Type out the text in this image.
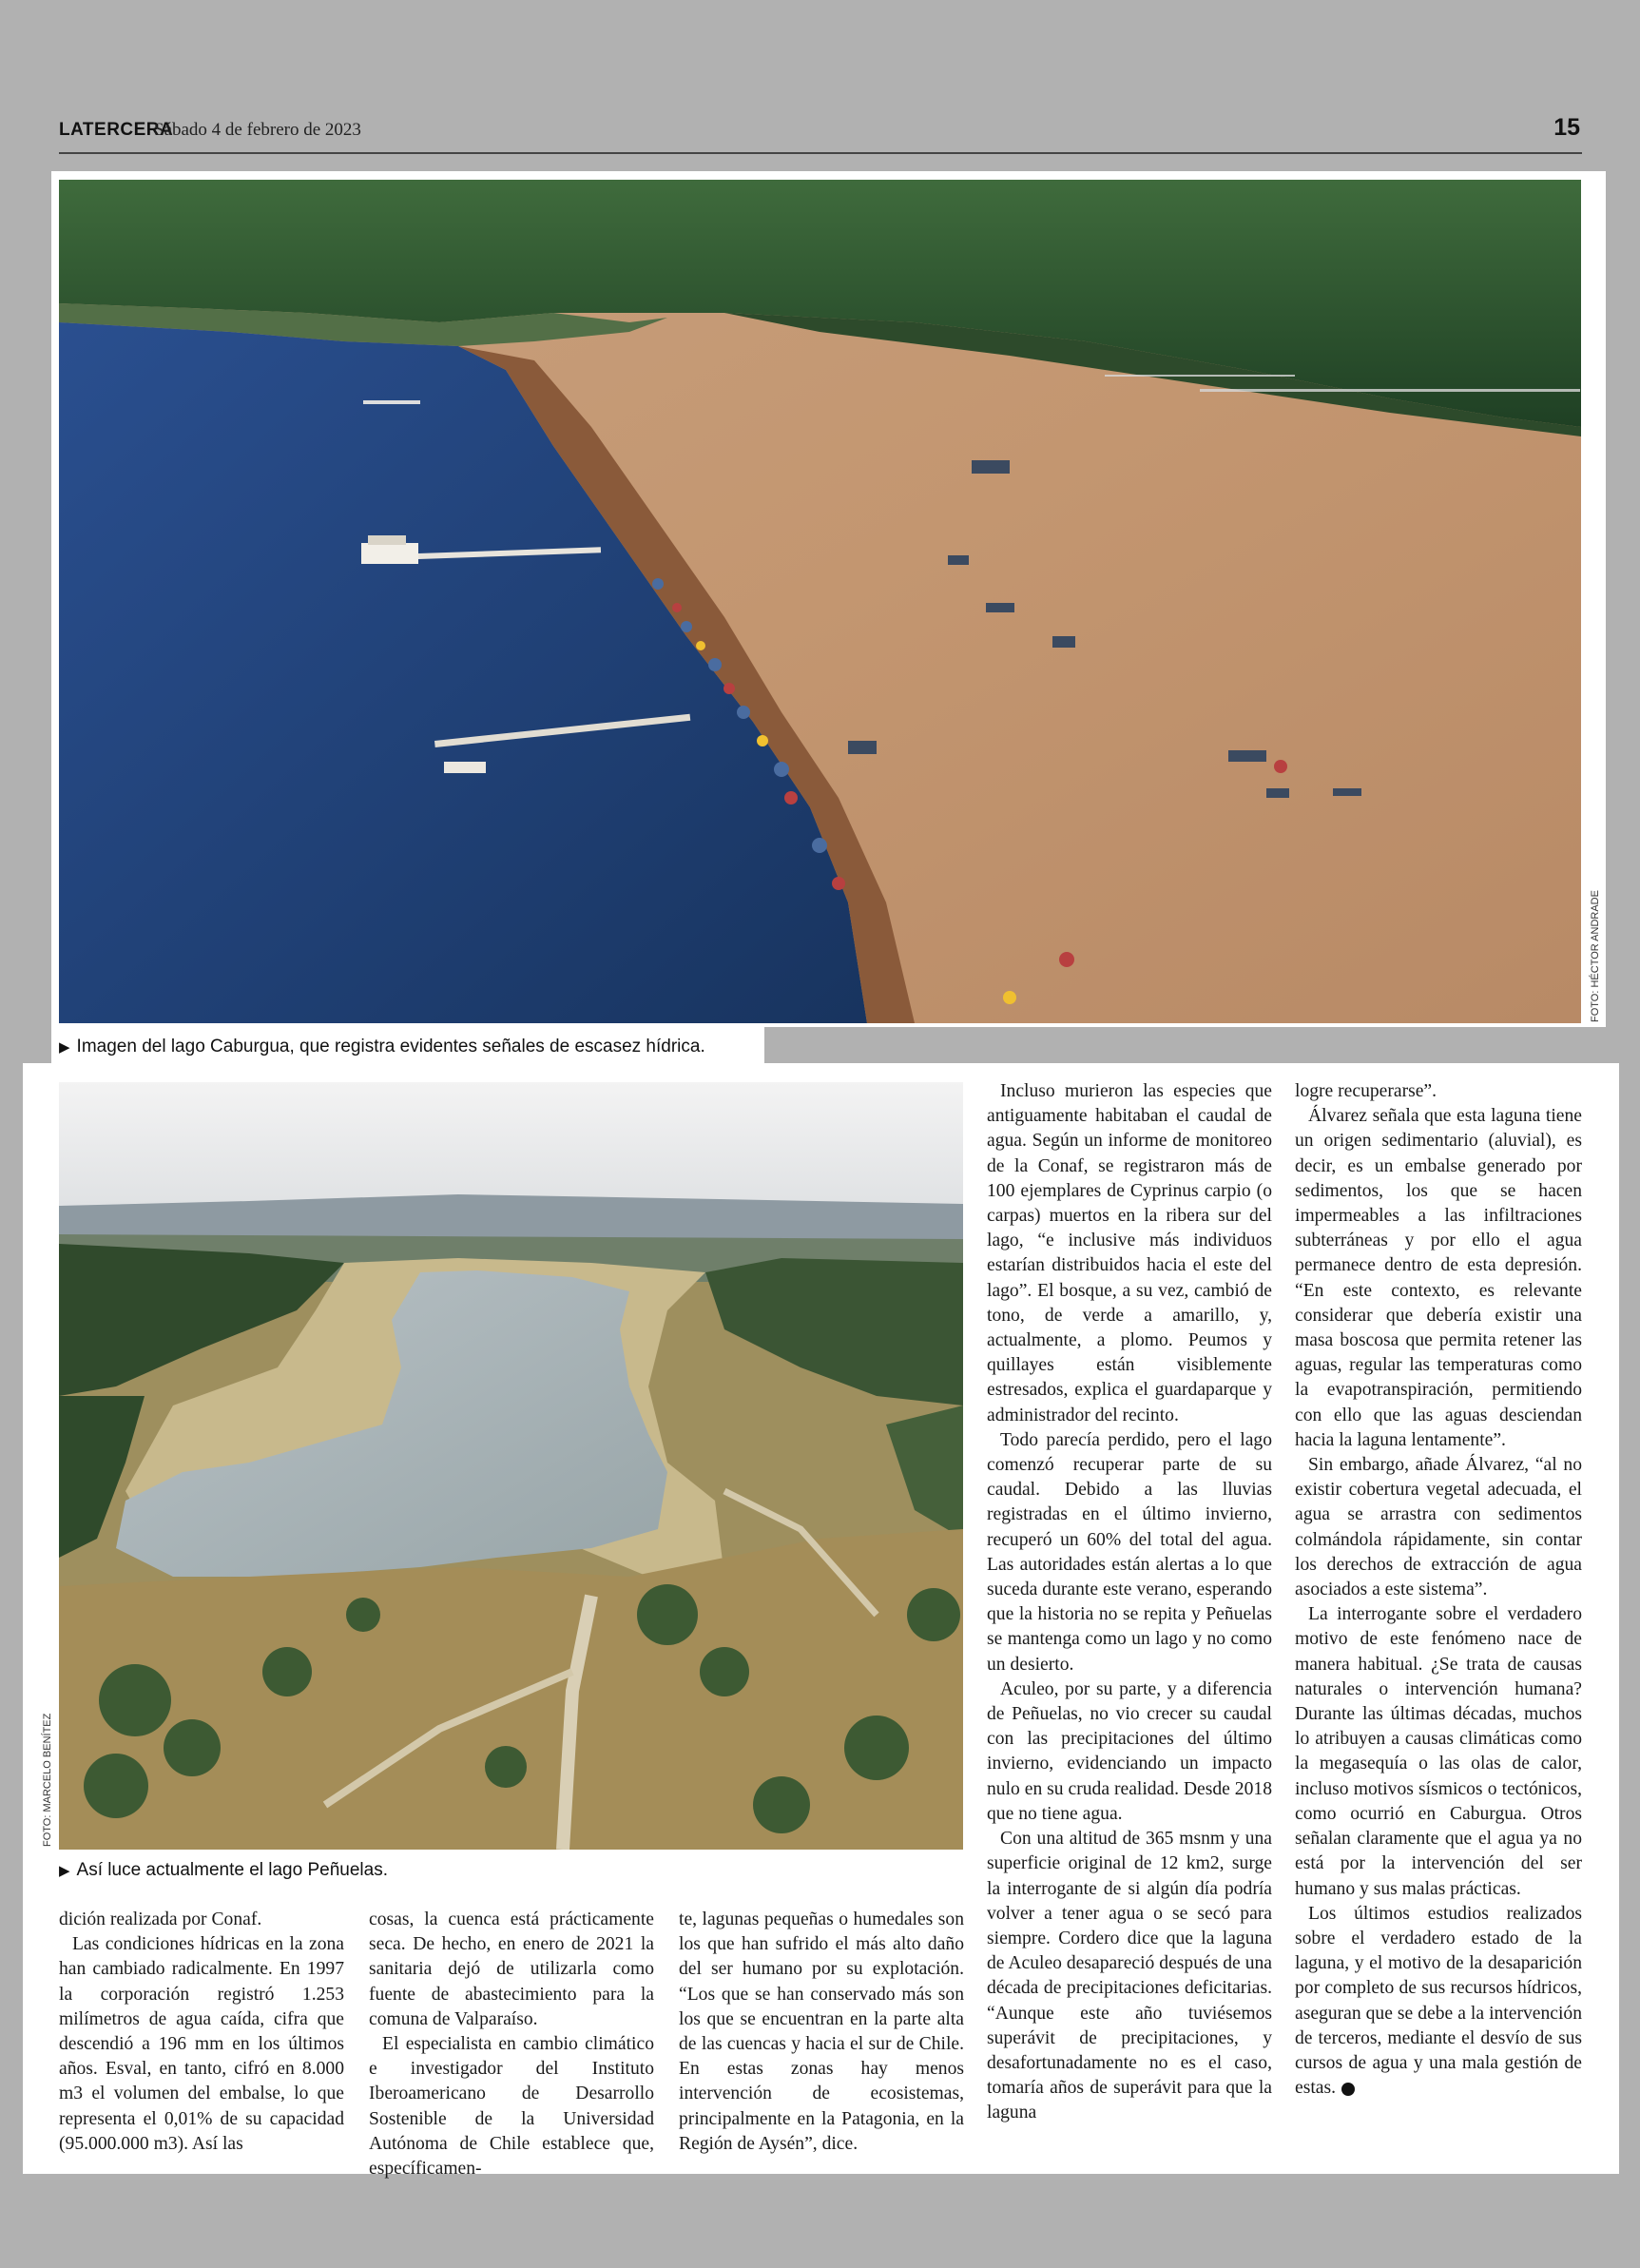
LATERCERA
Sábado 4 de febrero de 2023	15
FOTO: HÉCTOR ANDRADE
▶ Imagen del lago Caburgua, que registra evidentes señales de escasez hídrica.
FOTO: MARCELO BENÍTEZ
▶ Así luce actualmente el lago Peñuelas.

dición realizada por Conaf.

Las condiciones hídricas en la zona han cambiado radicalmente. En 1997 la corporación registró 1.253 milímetros de agua caída, cifra que descendió a 196 mm en los últimos años. Esval, en tanto, cifró en 8.000 m3 el volumen del embalse, lo que representa el 0,01% de su capacidad (95.000.000 m3). Así las

cosas, la cuenca está prácticamente seca. De hecho, en enero de 2021 la sanitaria dejó de utilizarla como fuente de abastecimiento para la comuna de Valparaíso.

El especialista en cambio climático e investigador del Instituto Iberoamericano de Desarrollo Sostenible de la Universidad Autónoma de Chile establece que, específicamen-

te, lagunas pequeñas o humedales son los que han sufrido el más alto daño del ser humano por su explotación. “Los que se han conservado más son los que se encuentran en la parte alta de las cuencas y hacia el sur de Chile. En estas zonas hay menos intervención de ecosistemas, principalmente en la Patagonia, en la Región de Aysén”, dice.

Incluso murieron las especies que antiguamente habitaban el caudal de agua. Según un informe de monitoreo de la Conaf, se registraron más de 100 ejemplares de Cyprinus carpio (o carpas) muertos en la ribera sur del lago, “e inclusive más individuos estarían distribuidos hacia el este del lago”. El bosque, a su vez, cambió de tono, de verde a amarillo, y, actualmente, a plomo. Peumos y quillayes están visiblemente estresados, explica el guardaparque y administrador del recinto.

Todo parecía perdido, pero el lago comenzó recuperar parte de su caudal. Debido a las lluvias registradas en el último invierno, recuperó un 60% del total del agua. Las autoridades están alertas a lo que suceda durante este verano, esperando que la historia no se repita y Peñuelas se mantenga como un lago y no como un desierto.

Aculeo, por su parte, y a diferencia de Peñuelas, no vio crecer su caudal con las precipitaciones del último invierno, evidenciando un impacto nulo en su cruda realidad. Desde 2018 que no tiene agua.

Con una altitud de 365 msnm y una superficie original de 12 km2, surge la interrogante de si algún día podría volver a tener agua o se secó para siempre. Cordero dice que la laguna de Aculeo desapareció después de una década de precipitaciones deficitarias. “Aunque este año tuviésemos superávit de precipitaciones, y desafortunadamente no es el caso, tomaría años de superávit para que la laguna

logre recuperarse”.

Álvarez señala que esta laguna tiene un origen sedimentario (aluvial), es decir, es un embalse generado por sedimentos, los que se hacen impermeables a las infiltraciones subterráneas y por ello el agua permanece dentro de esta depresión. “En este contexto, es relevante considerar que debería existir una masa boscosa que permita retener las aguas, regular las temperaturas como la evapotranspiración, permitiendo con ello que las aguas desciendan hacia la laguna lentamente”.

Sin embargo, añade Álvarez, “al no existir cobertura vegetal adecuada, el agua se arrastra con sedimentos colmándola rápidamente, sin contar los derechos de extracción de agua asociados a este sistema”.

La interrogante sobre el verdadero motivo de este fenómeno nace de manera habitual. ¿Se trata de causas naturales o intervención humana? Durante las últimas décadas, muchos lo atribuyen a causas climáticas como la megasequía o las olas de calor, incluso motivos sísmicos o tectónicos, como ocurrió en Caburgua. Otros señalan claramente que el agua ya no está por la intervención del ser humano y sus malas prácticas.

Los últimos estudios realizados sobre el verdadero estado de la laguna, y el motivo de la desaparición por completo de sus recursos hídricos, aseguran que se debe a la intervención de terceros, mediante el desvío de sus cursos de agua y una mala gestión de estas.
